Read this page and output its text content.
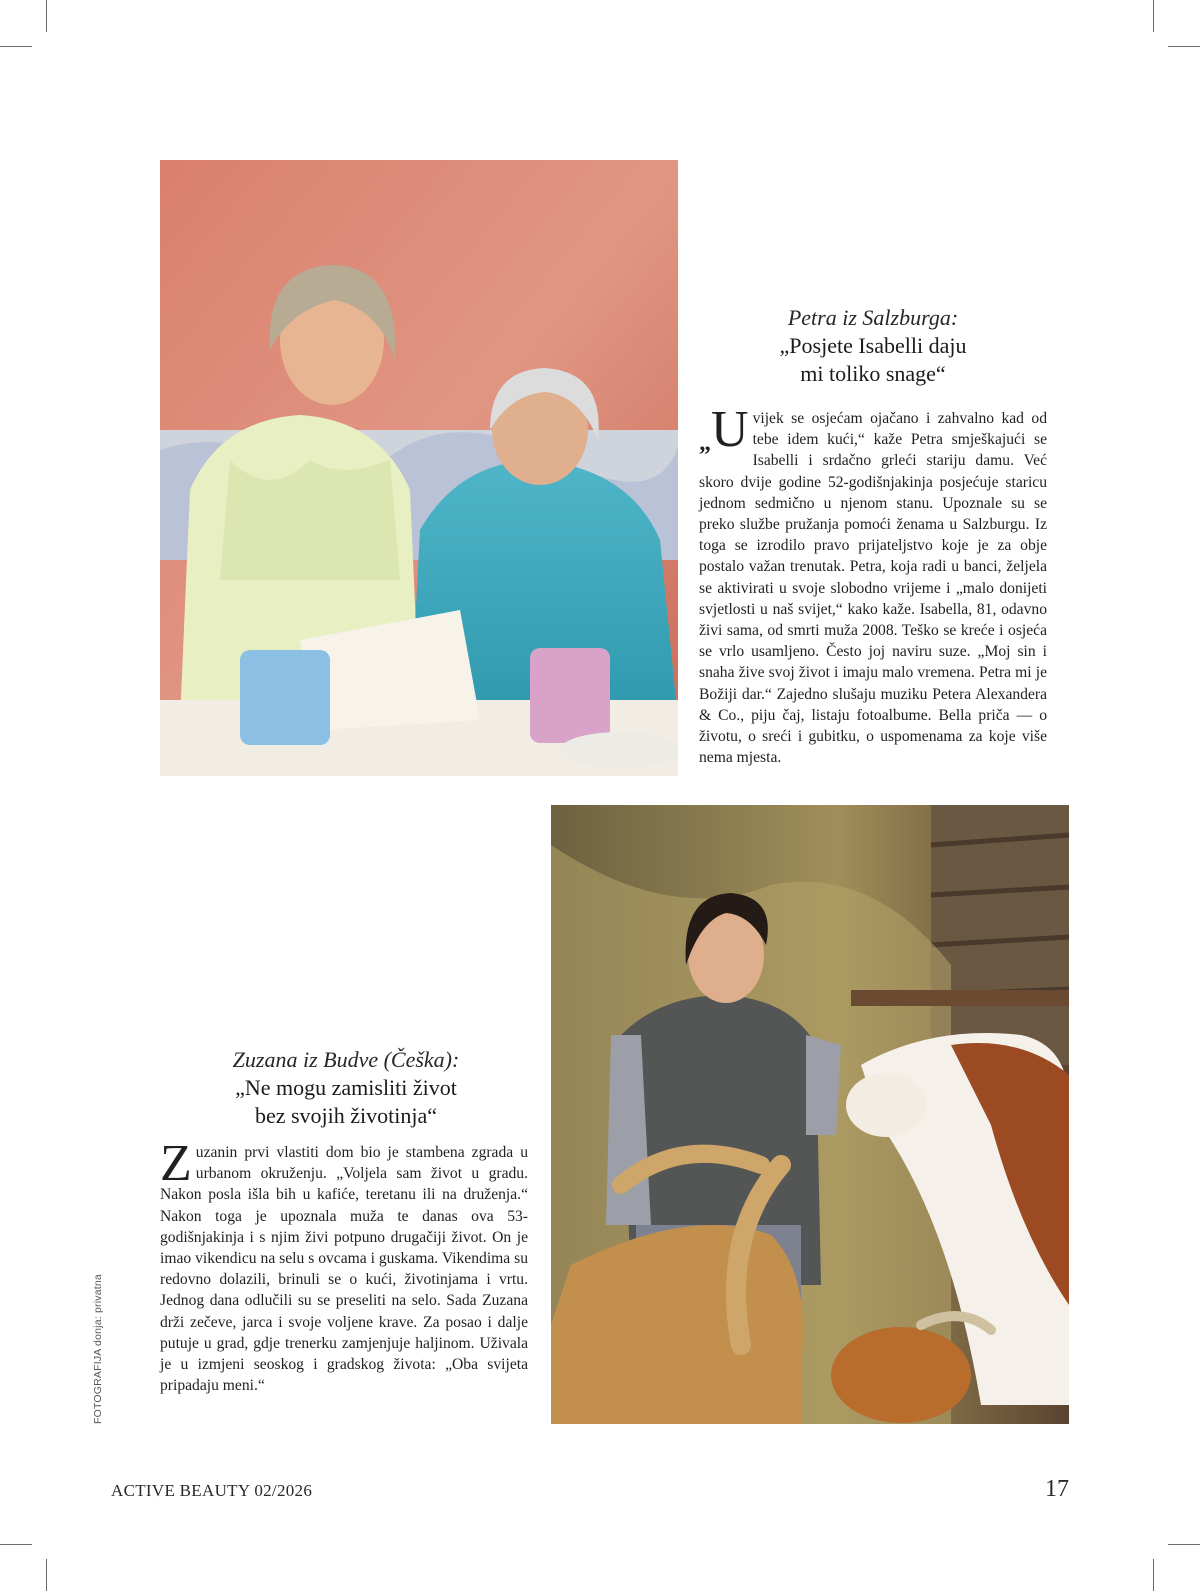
Petra iz Salzburga:
„Posjete Isabelli daju
mi toliko snage“
„U vijek se osjećam ojačano i zahvalno kad od tebe idem kući,“ kaže Petra smješkajući se Isabelli i srdačno grleći stariju damu. Već skoro dvije godine 52-godišnjakinja posjećuje staricu jednom sedmično u njenom stanu. Upoznale su se preko službe pružanja pomoći ženama u Salzburgu. Iz toga se izrodilo pravo prijateljstvo koje je za obje postalo važan trenutak. Petra, koja radi u banci, željela se aktivirati u svoje slobodno vrijeme i „malo donijeti svjetlosti u naš svijet,“ kako kaže. Isabella, 81, odavno živi sama, od smrti muža 2008. Teško se kreće i osjeća se vrlo usamljeno. Često joj naviru suze. „Moj sin i snaha žive svoj život i imaju malo vremena. Petra mi je Božiji dar.“ Zajedno slušaju muziku Petera Alexandera & Co., piju čaj, listaju fotoalbume. Bella priča — o životu, o sreći i gubitku, o uspomenama za koje više nema mjesta.
Zuzana iz Budve (Češka):
„Ne mogu zamisliti život
bez svojih životinja“
Z uzanin prvi vlastiti dom bio je stambena zgrada u urbanom okruženju. „Voljela sam život u gradu. Nakon posla išla bih u kafiće, teretanu ili na druženja.“ Nakon toga je upoznala muža te danas ova 53-godišnjakinja i s njim živi potpuno drugačiji život. On je imao vikendicu na selu s ovcama i guskama. Vikendima su redovno dolazili, brinuli se o kući, životinjama i vrtu. Jednog dana odlučili su se preseliti na selo. Sada Zuzana drži zečeve, jarca i svoje voljene krave. Za posao i dalje putuje u grad, gdje trenerku zamjenjuje haljinom. Uživala je u izmjeni seoskog i gradskog života: „Oba svijeta pripadaju meni.“
FOTOGRAFIJA donja: privatna
ACTIVE BEAUTY 02/2026	17
